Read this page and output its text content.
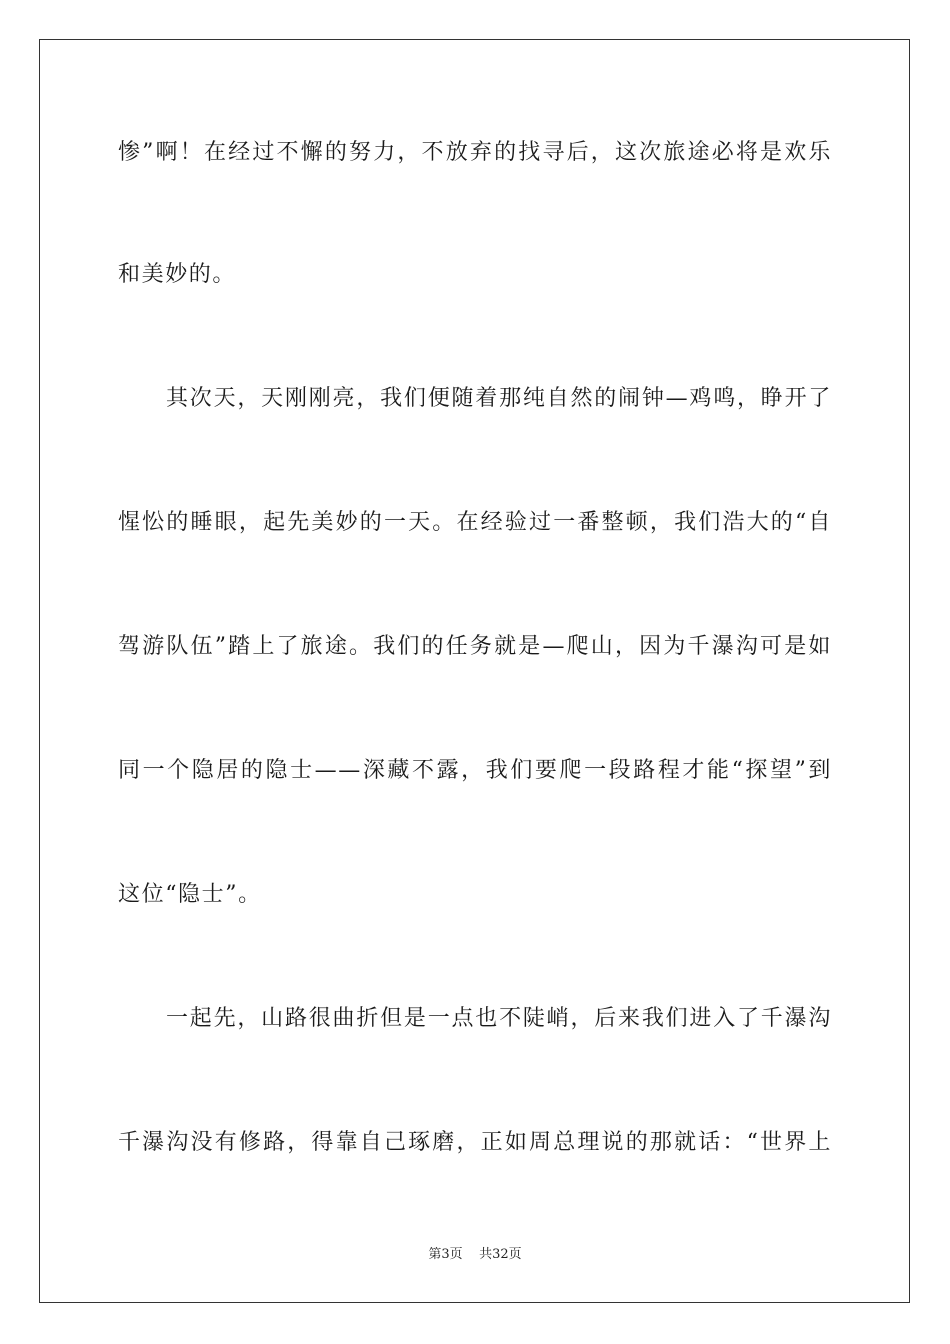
惨”啊！在经过不懈的努力，不放弃的找寻后，这次旅途必将是欢乐
和美妙的。
其次天，天刚刚亮，我们便随着那纯自然的闹钟—鸡鸣，睁开了
惺忪的睡眼，起先美妙的一天。在经验过一番整顿，我们浩大的“自
驾游队伍”踏上了旅途。我们的任务就是—爬山，因为千瀑沟可是如
同一个隐居的隐士——深藏不露，我们要爬一段路程才能“探望”到
这位“隐士”。
一起先，山路很曲折但是一点也不陡峭，后来我们进入了千瀑沟
千瀑沟没有修路，得靠自己琢磨，正如周总理说的那就话：“世界上
第3页 共32页
